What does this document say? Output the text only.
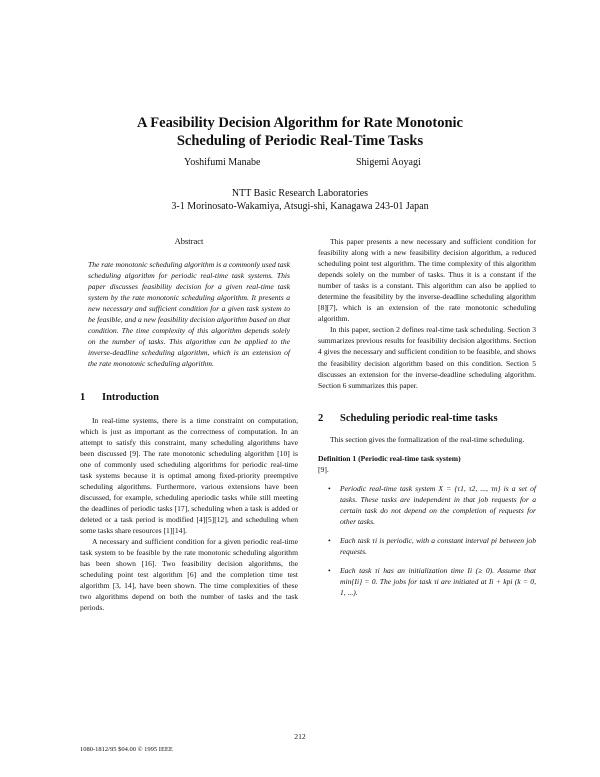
A Feasibility Decision Algorithm for Rate Monotonic
Scheduling of Periodic Real-Time Tasks
Yoshifumi Manabe	Shigemi Aoyagi
NTT Basic Research Laboratories
3-1 Morinosato-Wakamiya, Atsugi-shi, Kanagawa 243-01 Japan
Abstract

The rate monotonic scheduling algorithm is a commonly used task scheduling algorithm for periodic real-time task systems. This paper discusses feasibility decision for a given real-time task system by the rate monotonic scheduling algorithm. It presents a new necessary and sufficient condition for a given task system to be feasible, and a new feasibility decision algorithm based on that condition. The time complexity of this algorithm depends solely on the number of tasks. This algorithm can be applied to the inverse-deadline scheduling algorithm, which is an extension of the rate monotonic scheduling algorithm.

1 Introduction

In real-time systems, there is a time constraint on computation, which is just as important as the correctness of computation. In an attempt to satisfy this constraint, many scheduling algorithms have been discussed [9]. The rate monotonic scheduling algorithm [10] is one of commonly used scheduling algorithms for periodic real-time task systems because it is optimal among fixed-priority preemptive scheduling algorithms. Furthermore, various extensions have been discussed, for example, scheduling aperiodic tasks while still meeting the deadlines of periodic tasks [17], scheduling when a task is added or deleted or a task period is modified [4][5][12], and scheduling when some tasks share resources [1][14].

A necessary and sufficient condition for a given periodic real-time task system to be feasible by the rate monotonic scheduling algorithm has been shown [16]. Two feasibility decision algorithms, the scheduling point test algorithm [6] and the completion time test algorithm [3, 14], have been shown. The time complexities of these two algorithms depend on both the number of tasks and the task periods.

This paper presents a new necessary and sufficient condition for feasibility along with a new feasibility decision algorithm, a reduced scheduling point test algorithm. The time complexity of this algorithm depends solely on the number of tasks. Thus it is a constant if the number of tasks is a constant. This algorithm can also be applied to determine the feasibility by the inverse-deadline scheduling algorithm [8][7], which is an extension of the rate monotonic scheduling algorithm.

In this paper, section 2 defines real-time task scheduling. Section 3 summarizes previous results for feasibility decision algorithms. Section 4 gives the necessary and sufficient condition to be feasible, and shows the feasibility decision algorithm based on this condition. Section 5 discusses an extension for the inverse-deadline scheduling algorithm. Section 6 summarizes this paper.

2 Scheduling periodic real-time tasks

This section gives the formalization of the real-time scheduling.

Definition 1 (Periodic real-time task system)

[9].

• Periodic real-time task system X = {τ1, τ2, ..., τn} is a set of tasks. These tasks are independent in that job requests for a certain task do not depend on the completion of requests for other tasks.
• Each task τi is periodic, with a constant interval pi between job requests.
• Each task τi has an initialization time Ii (≥ 0). Assume that min{Ii} = 0. The jobs for task τi are initiated at Ii + kpi (k = 0, 1, ...).
212
1080-1812/95 $04.00 © 1995 IEEE
